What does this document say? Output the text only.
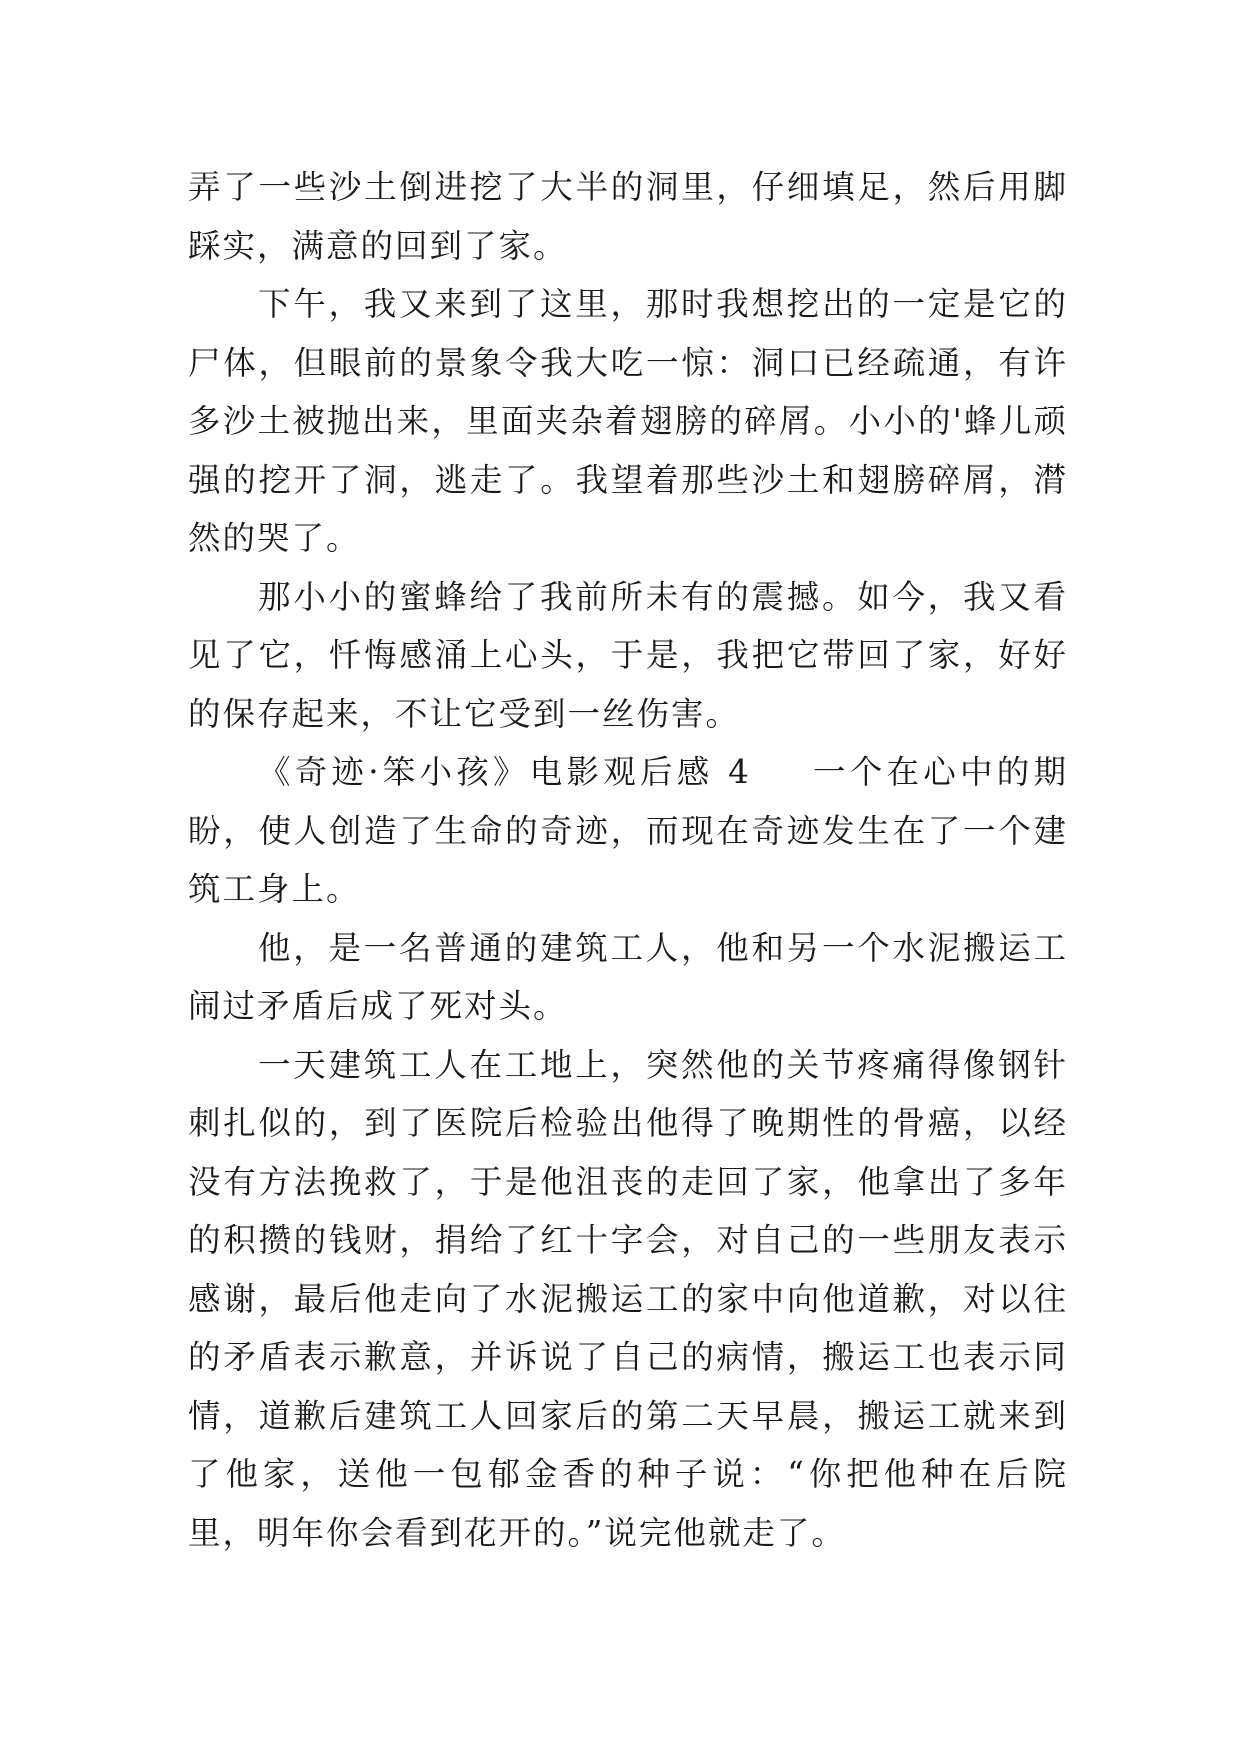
弄了一些沙土倒进挖了大半的洞里，仔细填足，然后用脚踩实，满意的回到了家。

下午，我又来到了这里，那时我想挖出的一定是它的尸体，但眼前的景象令我大吃一惊：洞口已经疏通，有许多沙土被抛出来，里面夹杂着翅膀的碎屑。小小的'蜂儿顽强的挖开了洞，逃走了。我望着那些沙土和翅膀碎屑，潸然的哭了。

那小小的蜜蜂给了我前所未有的震撼。如今，我又看见了它，忏悔感涌上心头，于是，我把它带回了家，好好的保存起来，不让它受到一丝伤害。

《奇迹·笨小孩》电影观后感 4 一个在心中的期盼，使人创造了生命的奇迹，而现在奇迹发生在了一个建筑工身上。

他，是一名普通的建筑工人，他和另一个水泥搬运工闹过矛盾后成了死对头。

一天建筑工人在工地上，突然他的关节疼痛得像钢针刺扎似的，到了医院后检验出他得了晚期性的骨癌，以经没有方法挽救了，于是他沮丧的走回了家，他拿出了多年的积攒的钱财，捐给了红十字会，对自己的一些朋友表示感谢，最后他走向了水泥搬运工的家中向他道歉，对以往的矛盾表示歉意，并诉说了自己的病情，搬运工也表示同情，道歉后建筑工人回家后的第二天早晨，搬运工就来到了他家，送他一包郁金香的种子说：“你把他种在后院里，明年你会看到花开的。”说完他就走了。
